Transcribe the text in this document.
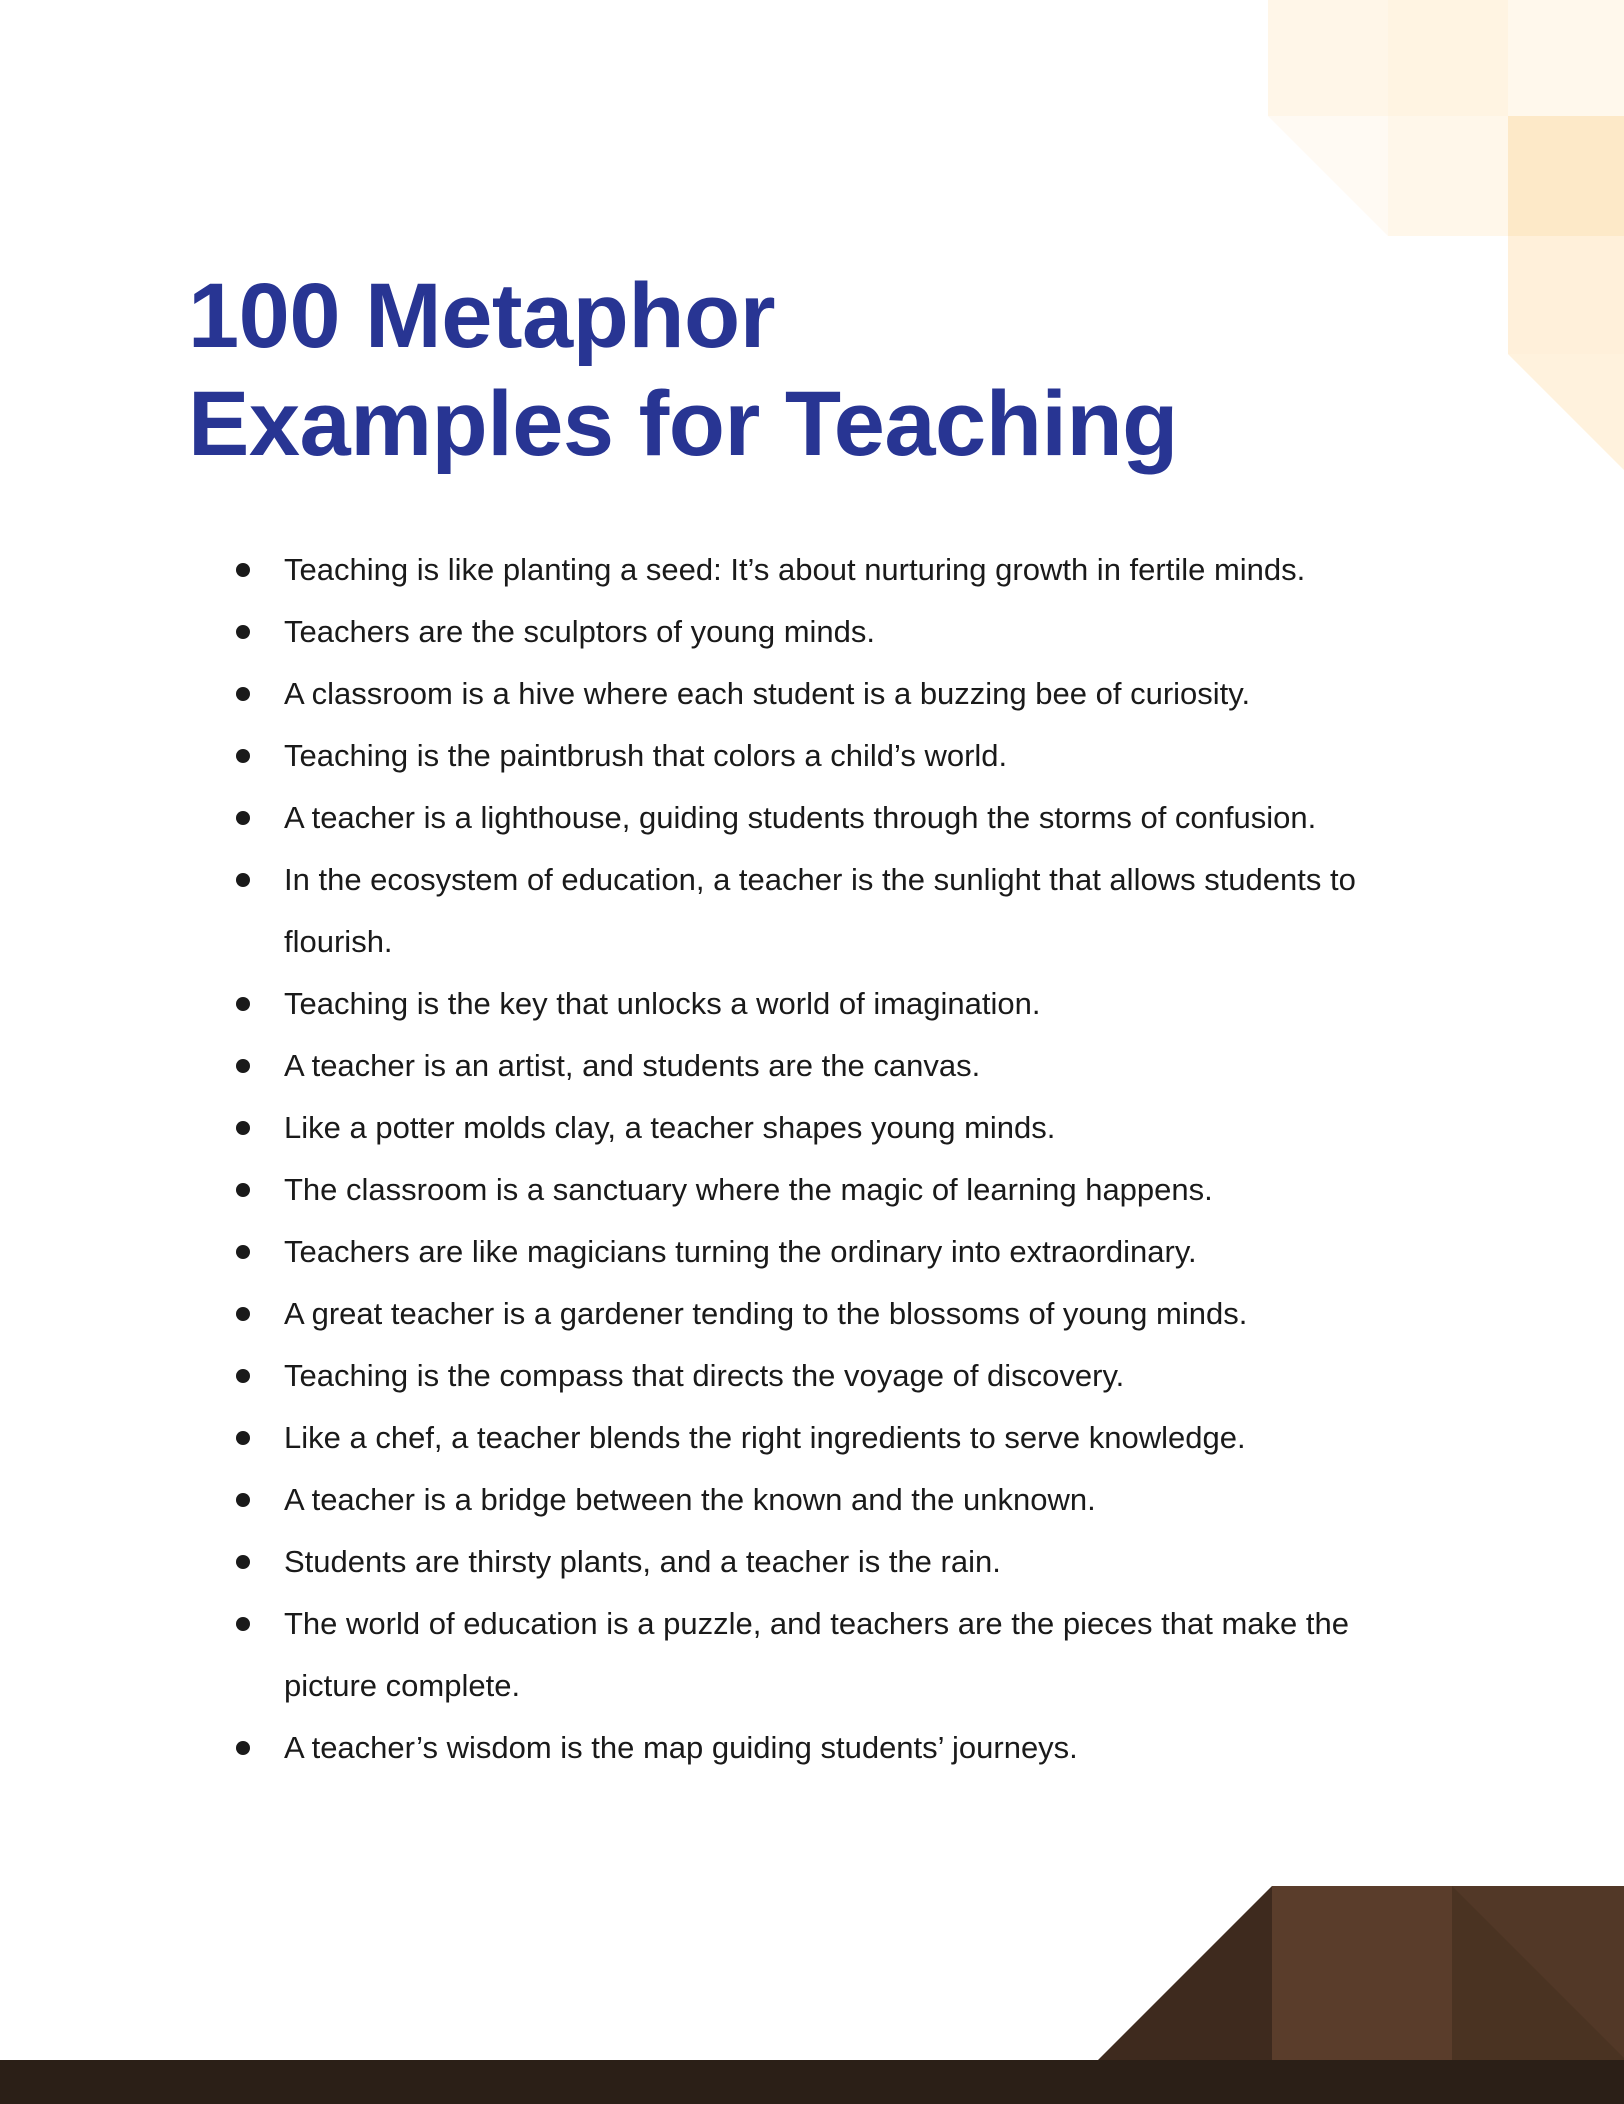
100 Metaphor
Examples for Teaching
Teaching is like planting a seed: It’s about nurturing growth in fertile minds.
Teachers are the sculptors of young minds.
A classroom is a hive where each student is a buzzing bee of curiosity.
Teaching is the paintbrush that colors a child’s world.
A teacher is a lighthouse, guiding students through the storms of confusion.
In the ecosystem of education, a teacher is the sunlight that allows students to flourish.
Teaching is the key that unlocks a world of imagination.
A teacher is an artist, and students are the canvas.
Like a potter molds clay, a teacher shapes young minds.
The classroom is a sanctuary where the magic of learning happens.
Teachers are like magicians turning the ordinary into extraordinary.
A great teacher is a gardener tending to the blossoms of young minds.
Teaching is the compass that directs the voyage of discovery.
Like a chef, a teacher blends the right ingredients to serve knowledge.
A teacher is a bridge between the known and the unknown.
Students are thirsty plants, and a teacher is the rain.
The world of education is a puzzle, and teachers are the pieces that make the picture complete.
A teacher’s wisdom is the map guiding students’ journeys.
